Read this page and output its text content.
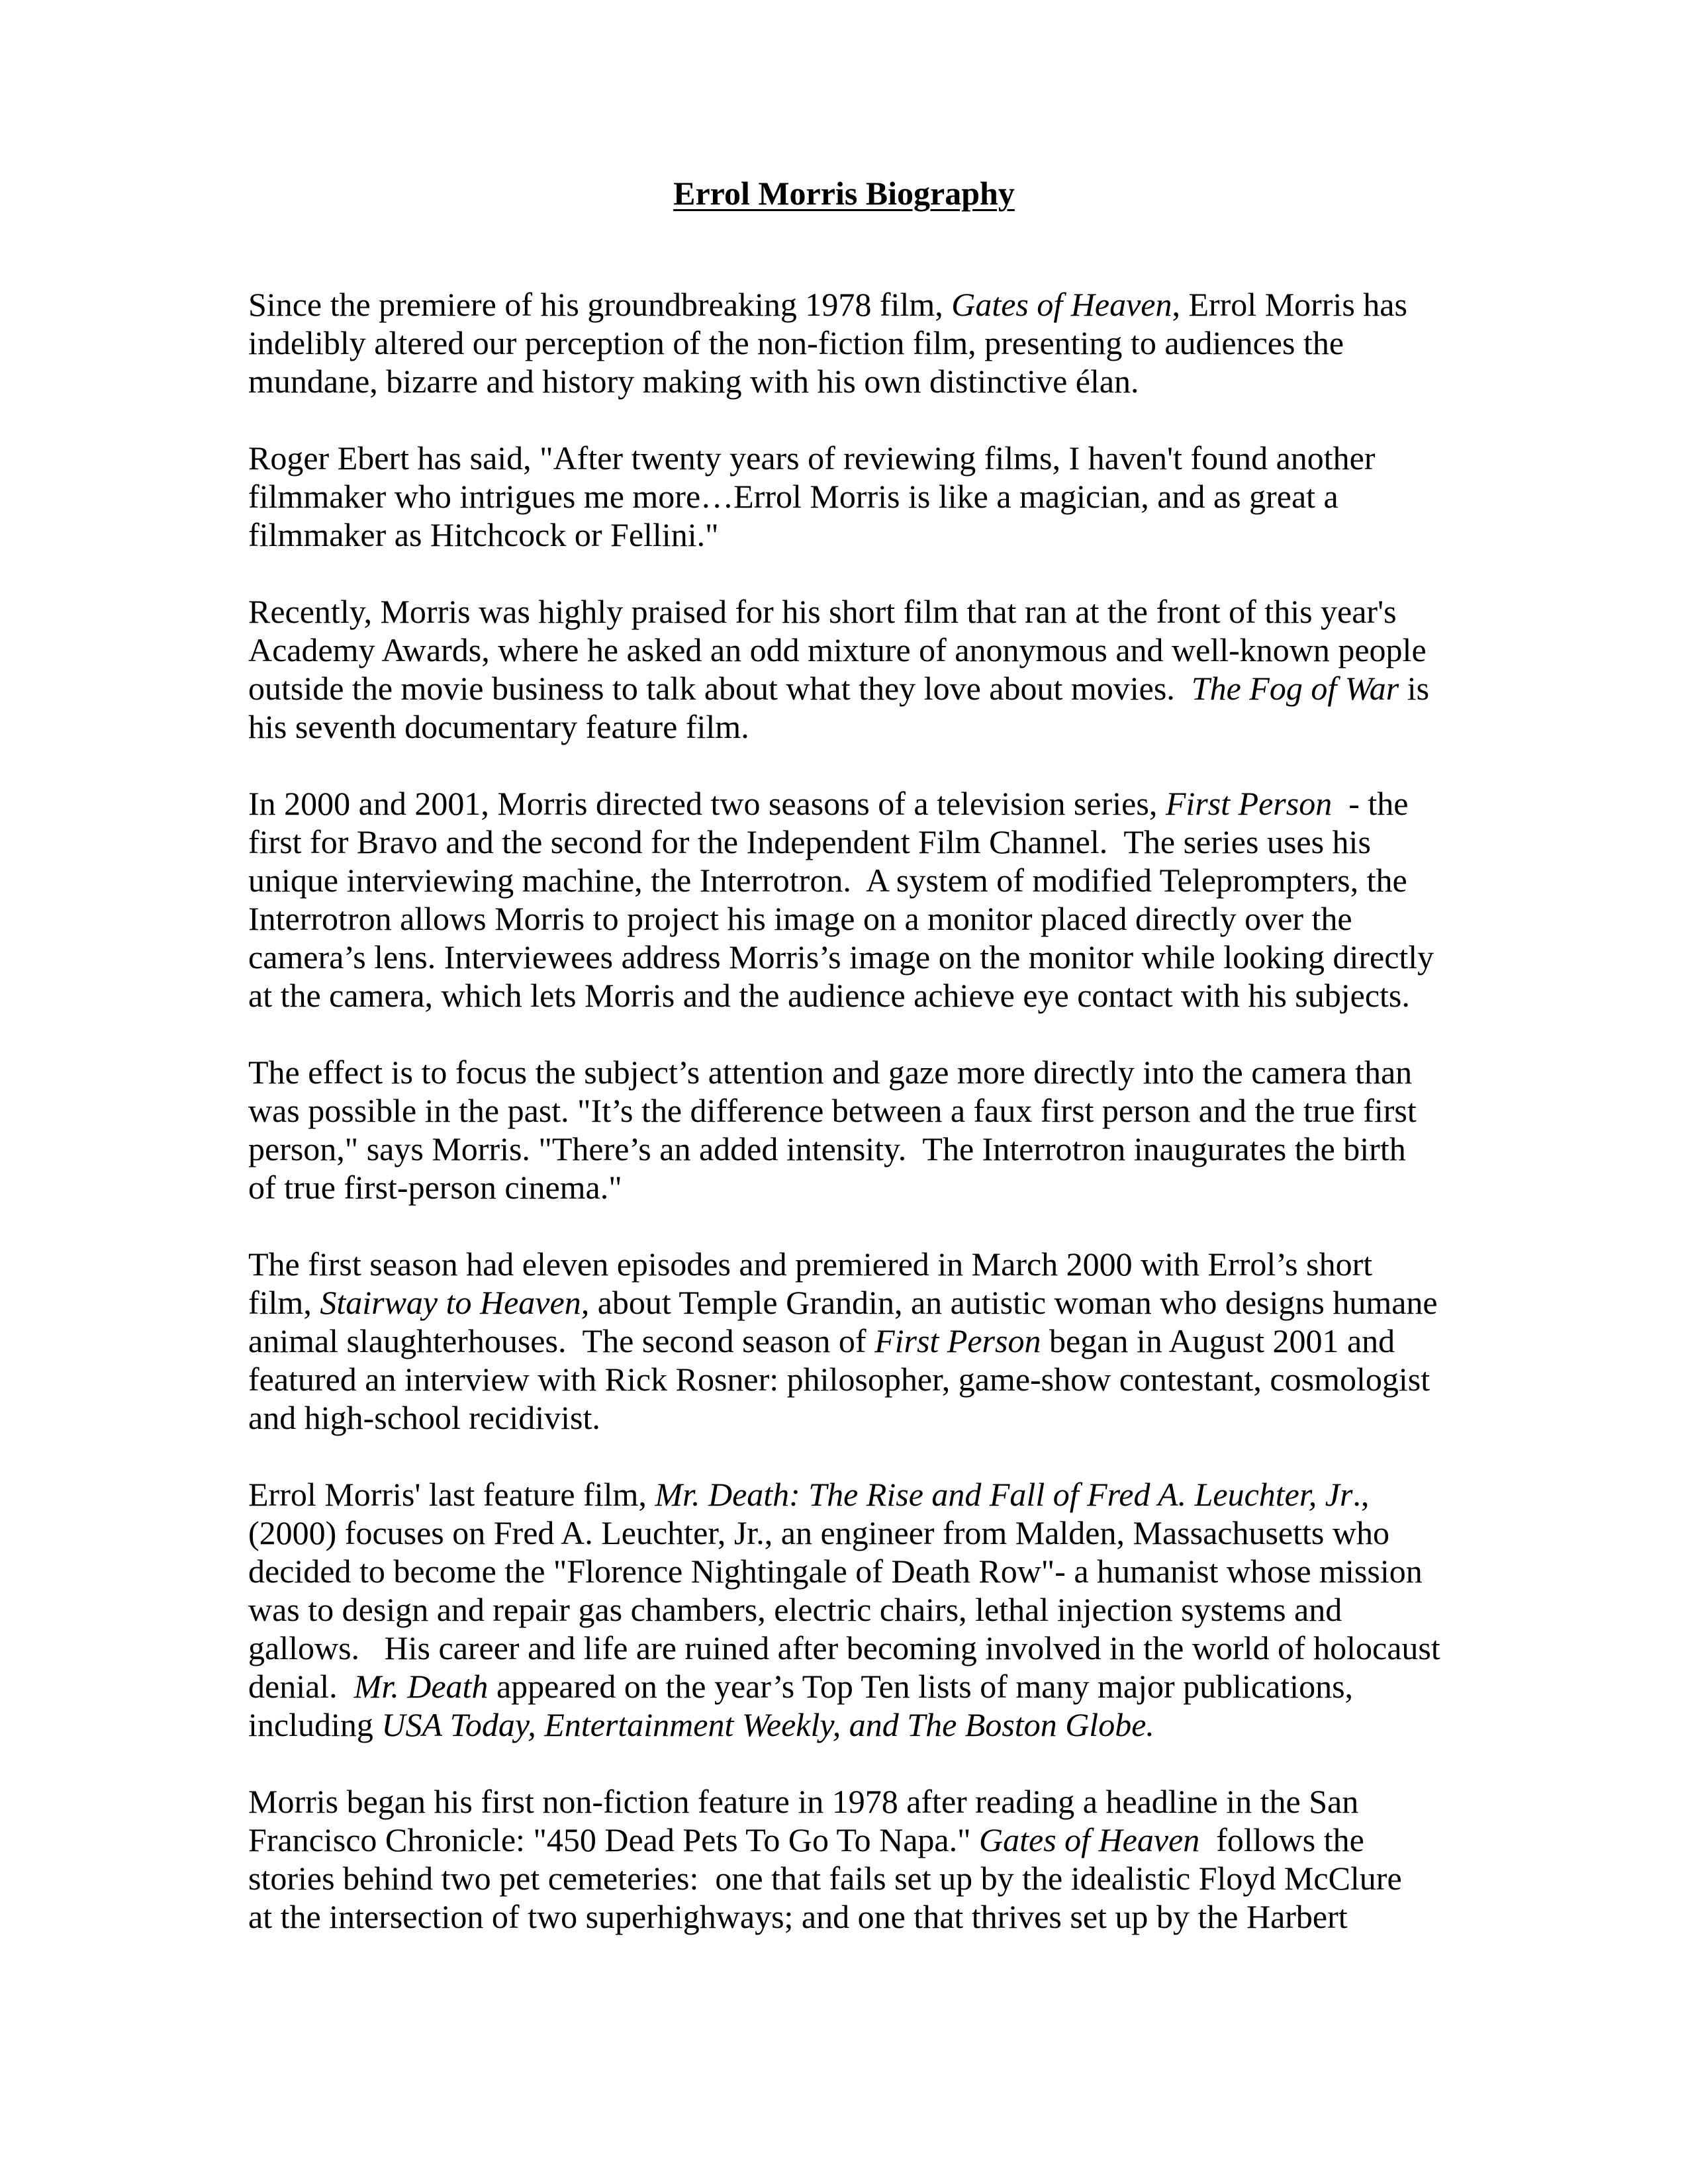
Errol Morris Biography

Since the premiere of his groundbreaking 1978 film, Gates of Heaven, Errol Morris has
indelibly altered our perception of the non-fiction film, presenting to audiences the
mundane, bizarre and history making with his own distinctive élan.

Roger Ebert has said, "After twenty years of reviewing films, I haven't found another
filmmaker who intrigues me more…Errol Morris is like a magician, and as great a
filmmaker as Hitchcock or Fellini."

Recently, Morris was highly praised for his short film that ran at the front of this year's
Academy Awards, where he asked an odd mixture of anonymous and well-known people
outside the movie business to talk about what they love about movies.  The Fog of War is
his seventh documentary feature film.

In 2000 and 2001, Morris directed two seasons of a television series, First Person  - the
first for Bravo and the second for the Independent Film Channel.  The series uses his
unique interviewing machine, the Interrotron.  A system of modified Teleprompters, the
Interrotron allows Morris to project his image on a monitor placed directly over the
camera’s lens. Interviewees address Morris’s image on the monitor while looking directly
at the camera, which lets Morris and the audience achieve eye contact with his subjects.

The effect is to focus the subject’s attention and gaze more directly into the camera than
was possible in the past. "It’s the difference between a faux first person and the true first
person," says Morris. "There’s an added intensity.  The Interrotron inaugurates the birth
of true first-person cinema."

The first season had eleven episodes and premiered in March 2000 with Errol’s short
film, Stairway to Heaven, about Temple Grandin, an autistic woman who designs humane
animal slaughterhouses.  The second season of First Person began in August 2001 and
featured an interview with Rick Rosner: philosopher, game-show contestant, cosmologist
and high-school recidivist.

Errol Morris' last feature film, Mr. Death: The Rise and Fall of Fred A. Leuchter, Jr.,
(2000) focuses on Fred A. Leuchter, Jr., an engineer from Malden, Massachusetts who
decided to become the "Florence Nightingale of Death Row"- a humanist whose mission
was to design and repair gas chambers, electric chairs, lethal injection systems and
gallows.   His career and life are ruined after becoming involved in the world of holocaust
denial.  Mr. Death appeared on the year’s Top Ten lists of many major publications,
including USA Today, Entertainment Weekly, and The Boston Globe.

Morris began his first non-fiction feature in 1978 after reading a headline in the San
Francisco Chronicle: "450 Dead Pets To Go To Napa." Gates of Heaven  follows the
stories behind two pet cemeteries:  one that fails set up by the idealistic Floyd McClure
at the intersection of two superhighways; and one that thrives set up by the Harbert
